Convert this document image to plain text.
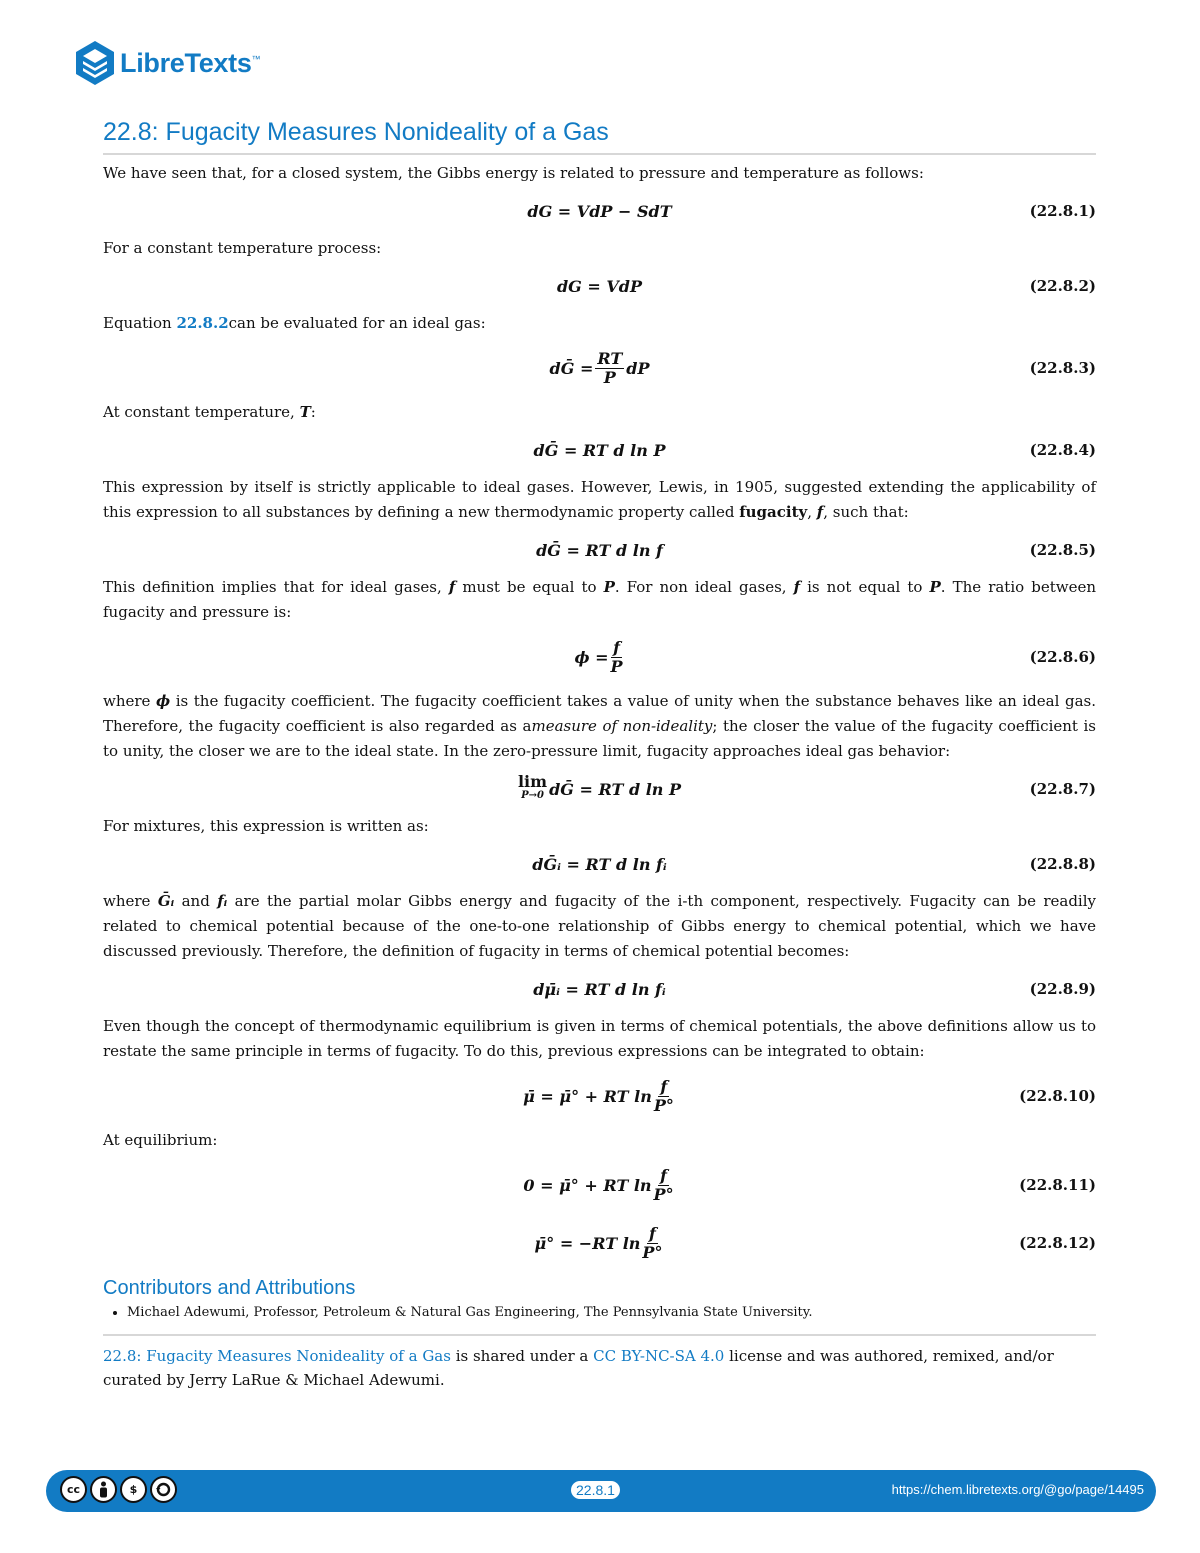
LibreTexts™
22.8: Fugacity Measures Nonideality of a Gas

We have seen that, for a closed system, the Gibbs energy is related to pressure and temperature as follows:

dG = VdP − SdT	(22.8.1)

For a constant temperature process:

dG = VdP	(22.8.2)

Equation 22.8.2can be evaluated for an ideal gas:

dḠ = $\frac{RT}{P}$ dP	(22.8.3)

At constant temperature, T:

dḠ = RT d ln P	(22.8.4)

This expression by itself is strictly applicable to ideal gases. However, Lewis, in 1905, suggested extending the applicability of this expression to all substances by defining a new thermodynamic property called fugacity, f, such that:

dḠ = RT d ln f	(22.8.5)

This definition implies that for ideal gases, f must be equal to P. For non ideal gases, f is not equal to P. The ratio between fugacity and pressure is:

$\phi = \frac{f}{P}$	(22.8.6)

where ϕ is the fugacity coefficient. The fugacity coefficient takes a value of unity when the substance behaves like an ideal gas. Therefore, the fugacity coefficient is also regarded as ameasure of non-ideality; the closer the value of the fugacity coefficient is to unity, the closer we are to the ideal state. In the zero-pressure limit, fugacity approaches ideal gas behavior:

lim
P→0 dḠ = RT d ln P	(22.8.7)

For mixtures, this expression is written as:

dḠᵢ = RT d ln fᵢ	(22.8.8)

where Ḡᵢ and fᵢ are the partial molar Gibbs energy and fugacity of the i-th component, respectively. Fugacity can be readily related to chemical potential because of the one-to-one relationship of Gibbs energy to chemical potential, which we have discussed previously. Therefore, the definition of fugacity in terms of chemical potential becomes:

dμ̄ᵢ = RT d ln fᵢ	(22.8.9)

Even though the concept of thermodynamic equilibrium is given in terms of chemical potentials, the above definitions allow us to restate the same principle in terms of fugacity. To do this, previous expressions can be integrated to obtain:

μ̄ = μ̄° + RT $\ln \frac{f}{P^\circ}$	(22.8.10)

At equilibrium:

0 = μ̄° + RT $\ln \frac{f}{P^\circ}$	(22.8.11)
μ̄° = −RT $\ln \frac{f}{P^\circ}$	(22.8.12)
Contributors and Attributions
• Michael Adewumi, Professor, Petroleum & Natural Gas Engineering, The Pennsylvania State University.
22.8: Fugacity Measures Nonideality of a Gas is shared under a CC BY-NC-SA 4.0 license and was authored, remixed, and/or curated by Jerry LaRue & Michael Adewumi.
cc	$	22.8.1	https://chem.libretexts.org/@go/page/14495
